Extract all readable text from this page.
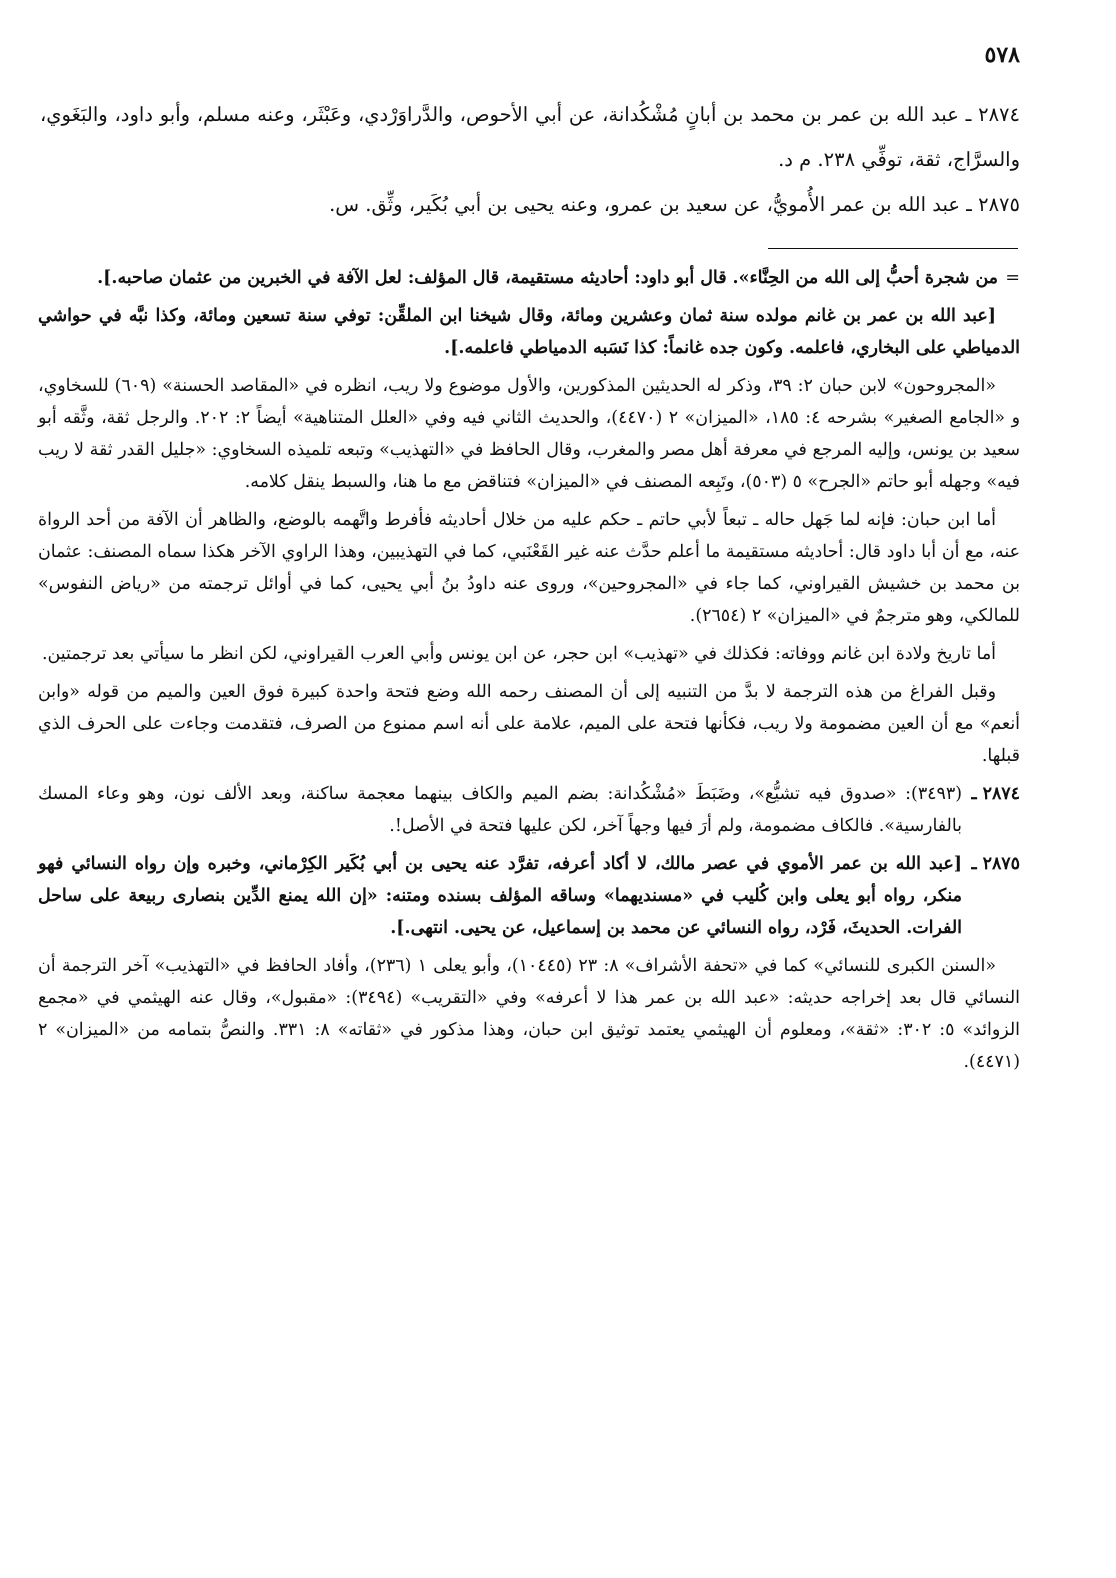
٥٧٨

٢٨٧٤ ـ عبد الله بن عمر بن محمد بن أبانٍ مُشْكُدانة، عن أبي الأحوص، والدَّراوَرْدي، وعَبْثَر، وعنه مسلم، وأبو داود، والبَغَوي، والسرَّاج، ثقة، توفِّي ٢٣٨. م د.

٢٨٧٥ ـ عبد الله بن عمر الأُمويُّ، عن سعيد بن عمرو، وعنه يحيى بن أبي بُكَير، وثِّق. س.

=
من شجرة أحبُّ إلى الله من الحِنَّاء». قال أبو داود: أحاديثه مستقيمة، قال المؤلف: لعل الآفة في الخبرين من عثمان صاحبه.].
[عبد الله بن عمر بن غانم مولده سنة ثمان وعشرين ومائة، وقال شيخنا ابن الملقِّن: توفي سنة تسعين ومائة، وكذا نبَّه في حواشي الدمياطي على البخاري، فاعلمه. وكون جده غانماً: كذا نَسَبه الدمياطي فاعلمه.].
«المجروحون» لابن حبان ٢: ٣٩، وذكر له الحديثين المذكورين، والأول موضوع ولا ريب، انظره في «المقاصد الحسنة» (٦٠٩) للسخاوي، و «الجامع الصغير» بشرحه ٤: ١٨٥، «الميزان» ٢ (٤٤٧٠)، والحديث الثاني فيه وفي «العلل المتناهية» أيضاً ٢: ٢٠٢. والرجل ثقة، وثَّقه أبو سعيد بن يونس، وإليه المرجع في معرفة أهل مصر والمغرب، وقال الحافظ في «التهذيب» وتبعه تلميذه السخاوي: «جليل القدر ثقة لا ريب فيه» وجهله أبو حاتم «الجرح» ٥ (٥٠٣)، وتَبِعه المصنف في «الميزان» فتناقض مع ما هنا، والسبط ينقل كلامه.
أما ابن حبان: فإنه لما جَهل حاله ـ تبعاً لأبي حاتم ـ حكم عليه من خلال أحاديثه فأفرط واتَّهمه بالوضع، والظاهر أن الآفة من أحد الرواة عنه، مع أن أبا داود قال: أحاديثه مستقيمة ما أعلم حدَّث عنه غير القَعْنَبي، كما في التهذيبين، وهذا الراوي الآخر هكذا سماه المصنف: عثمان بن محمد بن خشيش القيراوني، كما جاء في «المجروحين»، وروى عنه داودُ بنُ أبي يحيى، كما في أوائل ترجمته من «رياض النفوس» للمالكي، وهو مترجمٌ في «الميزان» ٢ (٢٦٥٤).
أما تاريخ ولادة ابن غانم ووفاته: فكذلك في «تهذيب» ابن حجر، عن ابن يونس وأبي العرب القيراوني، لكن انظر ما سيأتي بعد ترجمتين.
وقبل الفراغ من هذه الترجمة لا بدَّ من التنبيه إلى أن المصنف رحمه الله وضع فتحة واحدة كبيرة فوق العين والميم من قوله «وابن أنعم» مع أن العين مضمومة ولا ريب، فكأنها فتحة على الميم، علامة على أنه اسم ممنوع من الصرف، فتقدمت وجاءت على الحرف الذي قبلها.
٢٨٧٤ ـ
(٣٤٩٣): «صدوق فيه تشيُّع»، وضَبَطَ «مُشْكُدانة: بضم الميم والكاف بينهما معجمة ساكنة، وبعد الألف نون، وهو وعاء المسك بالفارسية». فالكاف مضمومة، ولم أرَ فيها وجهاً آخر، لكن عليها فتحة في الأصل!.
٢٨٧٥ ـ
[عبد الله بن عمر الأموي في عصر مالك، لا أكاد أعرفه، تفرَّد عنه يحيى بن أبي بُكَير الكِرْماني، وخبره وإن رواه النسائي فهو منكر، رواه أبو يعلى وابن كُليب في «مسنديهما» وساقه المؤلف بسنده ومتنه: «إن الله يمنع الدِّين بنصارى ربيعة على ساحل الفرات. الحديثَ، فَرْد، رواه النسائي عن محمد بن إسماعيل، عن يحيى. انتهى.].
«السنن الكبرى للنسائي» كما في «تحفة الأشراف» ٨: ٢٣ (١٠٤٤٥)، وأبو يعلى ١ (٢٣٦)، وأفاد الحافظ في «التهذيب» آخر الترجمة أن النسائي قال بعد إخراجه حديثه: «عبد الله بن عمر هذا لا أعرفه» وفي «التقريب» (٣٤٩٤): «مقبول»، وقال عنه الهيثمي في «مجمع الزوائد» ٥: ٣٠٢: «ثقة»، ومعلوم أن الهيثمي يعتمد توثيق ابن حبان، وهذا مذكور في «ثقاته» ٨: ٣٣١. والنصُّ بتمامه من «الميزان» ٢ (٤٤٧١).
